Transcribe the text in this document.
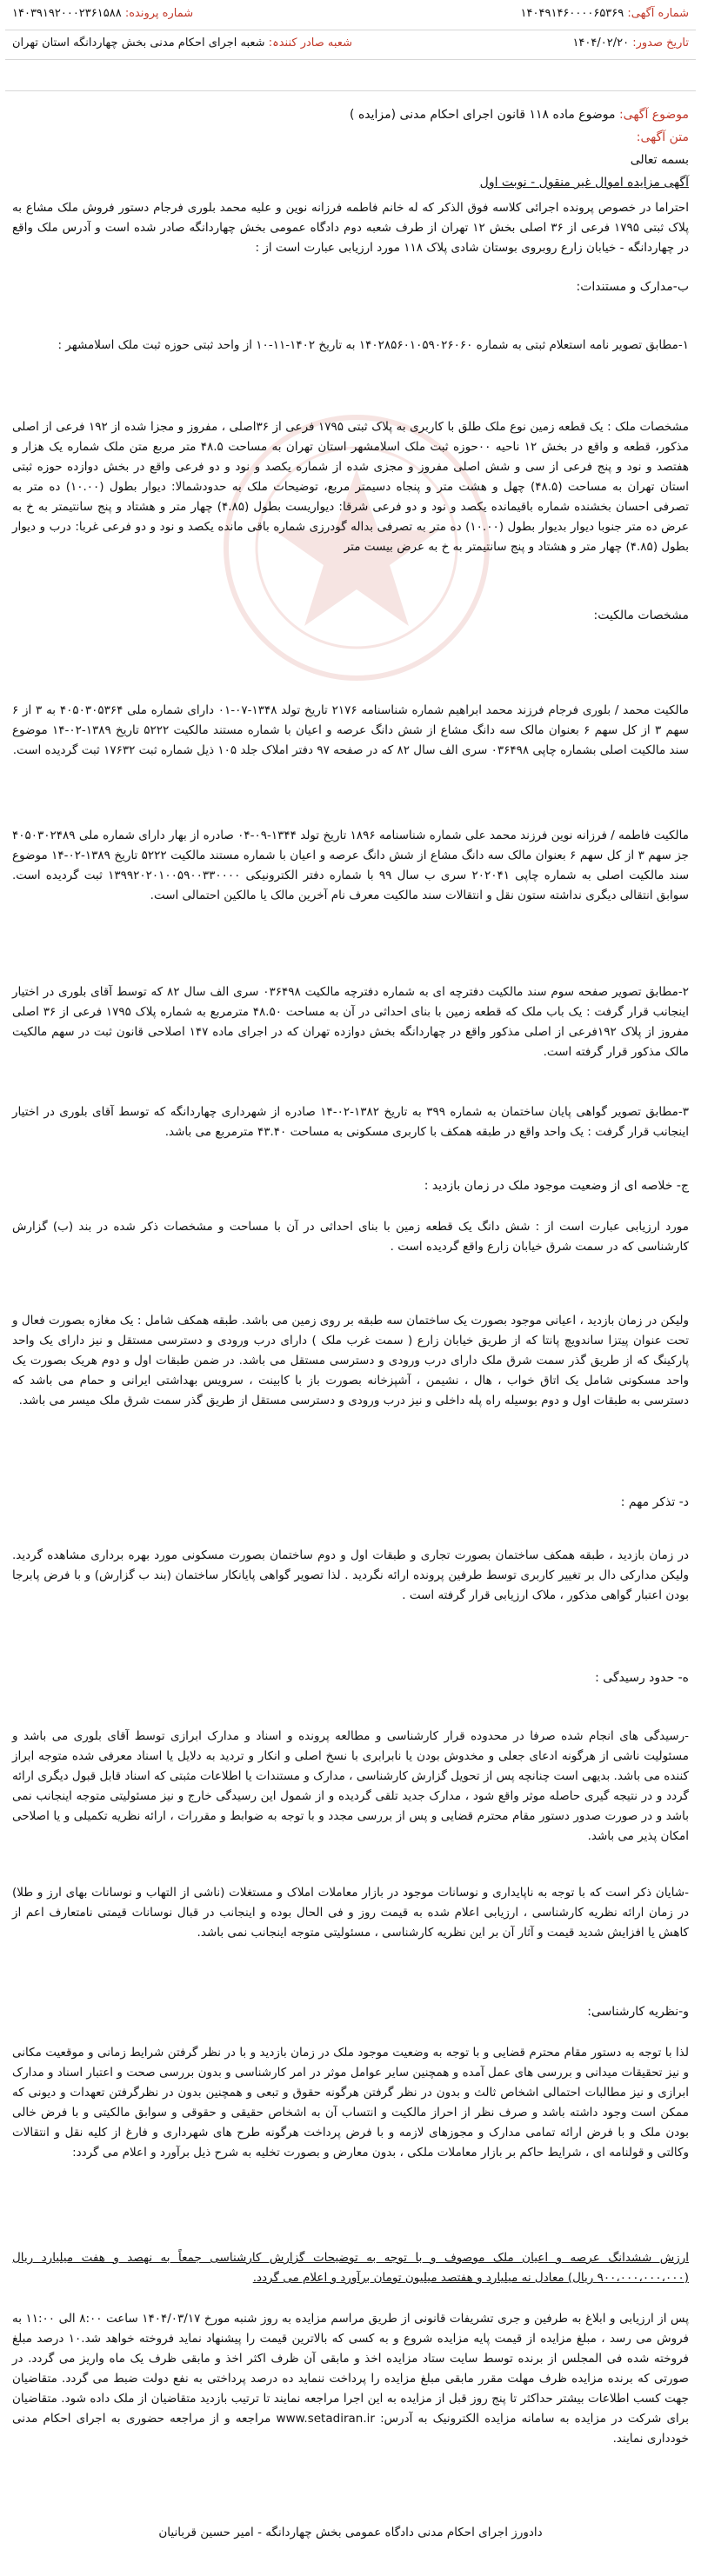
شماره آگهی: ۱۴۰۴۹۱۴۶۰۰۰۰۶۵۳۶۹
شماره پرونده: ۱۴۰۳۹۱۹۲۰۰۰۲۳۶۱۵۸۸
تاریخ صدور: ۱۴۰۴/۰۲/۲۰
شعبه صادر کنندہ: شعبه اجرای احکام مدنی بخش چهاردانگه استان تهران
موضوع آگهی: موضوع ماده ۱۱۸ قانون اجرای احکام مدنی (مزایده )
متن آگهی:
بسمه تعالی
آگهی مزایده اموال غیر منقول - نوبت اول
احتراما در خصوص پرونده اجرائی کلاسه فوق الذکر که له خانم فاطمه فرزانه نوین و علیه محمد بلوری فرجام دستور فروش ملک مشاع به پلاک ثبتی ۱۷۹۵ فرعی از ۳۶ اصلی بخش ۱۲ تهران از طرف شعبه دوم دادگاه عمومی بخش چهاردانگه صادر شده است و آدرس ملک واقع در چهاردانگه - خیابان زارع روبروی بوستان شادی پلاک ۱۱۸ مورد ارزیابی عبارت است از :
ب-مدارک و مستندات:
۱-مطابق تصویر نامه استعلام ثبتی به شماره ۱۴۰۲۸۵۶۰۱۰۵۹۰۲۶۰۶۰ به تاریخ ۱۴۰۲-۱۱-۱۰ از واحد ثبتی حوزه ثبت ملک اسلامشهر :
مشخصات ملک : یک قطعه زمین نوع ملک طلق با کاربری به پلاک ثبتی ۱۷۹۵ فرعی از ۳۶اصلی ، مفروز و مجزا شده از ۱۹۲ فرعی از اصلی مذکور، قطعه و واقع در بخش ۱۲ ناحیه ۰۰حوزه ثبت ملک اسلامشهر استان تهران به مساحت ۴۸.۵ متر مربع متن ملک شماره یک هزار و هفتصد و نود و پنج فرعی از سی و شش اصلی مفروز و مجزی شده از شماره یکصد و نود و دو فرعی واقع در بخش دوازده حوزه ثبتی استان تهران به مساحت (۴۸.۵) چهل و هشت متر و پنجاه دسیمتر مربع، توضیحات ملک به حدودشمالا: دیوار بطول (۱۰.۰۰) ده متر به تصرفی احسان بخشنده شماره باقیمانده یکصد و نود و دو فرعی شرقا: دیواریست بطول (۴.۸۵) چهار متر و هشتاد و پنج سانتیمتر به خ به عرض ده متر جنوبا دیوار بدیوار بطول (۱۰.۰۰) ده متر به تصرفی بداله گودرزی شماره باقی مانده یکصد و نود و دو فرعی غربا: درب و دیوار بطول (۴.۸۵) چهار متر و هشتاد و پنج سانتیمتر به خ به عرض بیست متر
مشخصات مالکیت:
مالکیت محمد / بلوری فرجام فرزند محمد ابراهیم شماره شناسنامه ۲۱۷۶ تاریخ تولد ۱۳۴۸-۰۷-۰۱ دارای شماره ملی ۴۰۵۰۳۰۵۳۶۴ به ۳ از ۶ سهم ۳ از کل سهم ۶ بعنوان مالک سه دانگ مشاع از شش دانگ عرصه و اعیان با شماره مستند مالکیت ۵۲۲۲ تاریخ ۱۳۸۹-۰۲-۱۴ موضوع سند مالکیت اصلی بشماره چاپی ۰۳۶۴۹۸ سری الف سال ۸۲ که در صفحه ۹۷ دفتر املاک جلد ۱۰۵ ذیل شماره ثبت ۱۷۶۳۲ ثبت گردیده است.
مالکیت فاطمه / فرزانه نوین فرزند محمد علی شماره شناسنامه ۱۸۹۶ تاریخ تولد ۱۳۴۴-۰۹-۰۴ صادره از بهار دارای شماره ملی ۴۰۵۰۳۰۲۴۸۹ جز سهم ۳ از کل سهم ۶ بعنوان مالک سه دانگ مشاع از شش دانگ عرصه و اعیان با شماره مستند مالکیت ۵۲۲۲ تاریخ ۱۳۸۹-۰۲-۱۴ موضوع سند مالکیت اصلی به شماره چاپی ۲۰۲۰۴۱ سری ب سال ۹۹ با شماره دفتر الکترونیکی ۱۳۹۹۲۰۲۰۱۰۰۵۹۰۰۳۳۰۰۰۰ ثبت گردیده است. سوابق انتقالی دیگری نداشته ستون نقل و انتقالات سند مالکیت معرف نام آخرین مالک یا مالکین احتمالی است.
۲-مطابق تصویر صفحه سوم سند مالکیت دفترچه ای به شماره دفترچه مالکیت ۰۳۶۴۹۸ سری الف سال ۸۲ که توسط آقای بلوری در اختیار اینجانب قرار گرفت : یک باب ملک که قطعه زمین با بنای احداثی در آن به مساحت ۴۸.۵۰ مترمربع به شماره پلاک ۱۷۹۵ فرعی از ۳۶ اصلی مفروز از پلاک ۱۹۲فرعی از اصلی مذکور واقع در چهاردانگه بخش دوازده تهران که در اجرای ماده ۱۴۷ اصلاحی قانون ثبت در سهم مالکیت مالک مذکور قرار گرفته است.
۳-مطابق تصویر گواهی پایان ساختمان به شماره ۳۹۹ به تاریخ ۱۳۸۲-۰۲-۱۴ صادره از شهرداری چهاردانگه که توسط آقای بلوری در اختیار اینجانب قرار گرفت : یک واحد واقع در طبقه همکف با کاربری مسکونی به مساحت ۴۳.۴۰ مترمربع می باشد.
ج- خلاصه ای از وضعیت موجود ملک در زمان بازدید :
مورد ارزیابی عبارت است از : شش دانگ یک قطعه زمین با بنای احداثی در آن با مساحت و مشخصات ذکر شده در بند (ب) گزارش کارشناسی که در سمت شرق خیابان زارع واقع گردیده است .
ولیکن در زمان بازدید ، اعیانی موجود بصورت یک ساختمان سه طبقه بر روی زمین می باشد. طبقه همکف شامل : یک مغازه بصورت فعال و تحت عنوان پیتزا ساندویچ پانتا که از طریق خیابان زارع ( سمت غرب ملک ) دارای درب ورودی و دسترسی مستقل و نیز دارای یک واحد پارکینگ که از طریق گذر سمت شرق ملک دارای درب ورودی و دسترسی مستقل می باشد. در ضمن طبقات اول و دوم هریک بصورت یک واحد مسکونی شامل یک اتاق خواب ، هال ، نشیمن ، آشپزخانه بصورت باز با کابینت ، سرویس بهداشتی ایرانی و حمام می باشد که دسترسی به طبقات اول و دوم بوسیله راه پله داخلی و نیز درب ورودی و دسترسی مستقل از طریق گذر سمت شرق ملک میسر می باشد.
د- تذکر مهم :
در زمان بازدید ، طبقه همکف ساختمان بصورت تجاری و طبقات اول و دوم ساختمان بصورت مسکونی مورد بهره برداری مشاهده گردید. ولیکن مدارکی دال بر تغییر کاربری توسط طرفین پرونده ارائه نگردید . لذا تصویر گواهی پایانکار ساختمان (بند ب گزارش) و با فرض پابرجا بودن اعتبار گواهی مذکور ، ملاک ارزیابی قرار گرفته است .
ه- حدود رسیدگی :
-رسیدگی های انجام شده صرفا در محدوده قرار کارشناسی و مطالعه پرونده و اسناد و مدارک ابرازی توسط آقای بلوری می باشد و مسئولیت ناشی از هرگونه ادعای جعلی و مخدوش بودن یا نابرابری با نسخ اصلی و انکار و تردید به دلایل یا اسناد معرفی شده متوجه ابراز کننده می باشد. بدیهی است چنانچه پس از تحویل گزارش کارشناسی ، مدارک و مستندات یا اطلاعات مثبتی که اسناد قابل قبول دیگری ارائه گردد و در نتیجه گیری حاصله موثر واقع شود ، مدارک جدید تلقی گردیده و از شمول این رسیدگی خارج و نیز مسئولیتی متوجه اینجانب نمی باشد و در صورت صدور دستور مقام محترم قضایی و پس از بررسی مجدد و با توجه به ضوابط و مقررات ، ارائه نظریه تکمیلی و یا اصلاحی امکان پذیر می باشد.
-شایان ذکر است که با توجه به ناپایداری و نوسانات موجود در بازار معاملات املاک و مستغلات (ناشی از التهاب و نوسانات بهای ارز و طلا) در زمان ارائه نظریه کارشناسی ، ارزیابی اعلام شده به قیمت روز و فی الحال بوده و اینجانب در قبال نوسانات قیمتی نامتعارف اعم از کاهش یا افزایش شدید قیمت و آثار آن بر این نظریه کارشناسی ، مسئولیتی متوجه اینجانب نمی باشد.
و-نظریه کارشناسی:
لذا با توجه به دستور مقام محترم قضایی و با توجه به وضعیت موجود ملک در زمان بازدید و با در نظر گرفتن شرایط زمانی و موقعیت مکانی و نیز تحقیقات میدانی و بررسی های عمل آمده و همچنین سایر عوامل موثر در امر کارشناسی و بدون بررسی صحت و اعتبار اسناد و مدارک ابرازی و نیز مطالبات احتمالی اشخاص ثالث و بدون در نظر گرفتن هرگونه حقوق و تبعی و همچنین بدون در نظرگرفتن تعهدات و دیونی که ممکن است وجود داشته باشد و صرف نظر از احراز مالکیت و انتساب آن به اشخاص حقیقی و حقوقی و سوابق مالکیتی و با فرض خالی بودن ملک و با فرض ارائه تمامی مدارک و مجوزهای لازمه و با فرض پرداخت هرگونه طرح های شهرداری و فارغ از کلیه نقل و انتقالات وکالتی و قولنامه ای ، شرایط حاکم بر بازار معاملات ملکی ، بدون معارض و بصورت تخلیه به شرح ذیل برآورد و اعلام می گردد:
ارزش ششدانگ عرصه و اعیان ملک موصوف و با توجه به توضیحات گزارش کارشناسی جمعاً به نهصد و هفت میلیارد ریال (۹۰۰،۰۰۰،۰۰۰،۰۰۰ ریال) معادل نه میلیارد و هفتصد میلیون تومان برآورد و اعلام می گردد.
پس از ارزیابی و ابلاغ به طرفین و جری تشریفات قانونی از طریق مراسم مزایده به روز شنبه مورخ ۱۴۰۴/۰۳/۱۷ ساعت ۸:۰۰ الی ۱۱:۰۰ به فروش می رسد ، مبلغ مزایده از قیمت پایه مزایده شروع و به کسی که بالاترین قیمت را پیشنهاد نماید فروخته خواهد شد.۱۰ درصد مبلغ فروخته شده فی المجلس از برنده توسط سایت ستاد مزایده اخذ و مابقی آن ظرف اکثر اخذ و مابقی ظرف یک ماه واریز می گردد. در صورتی که برنده مزایده ظرف مهلت مقرر مابقی مبلغ مزایده را پرداخت ننماید ده درصد پرداختی به نفع دولت ضبط می گردد. متقاضیان جهت کسب اطلاعات بیشتر حداکثر تا پنج روز قبل از مزایده به این اجرا مراجعه نمایند تا ترتیب بازدید متقاضیان از ملک داده شود. متقاضیان برای شرکت در مزایده به سامانه مزایده الکترونیک به آدرس: www.setadiran.ir مراجعه و از مراجعه حضوری به اجرای احکام مدنی خودداری نمایند.
دادورز اجرای احکام مدنی دادگاه عمومی بخش چهاردانگه - امیر حسین قربانیان
